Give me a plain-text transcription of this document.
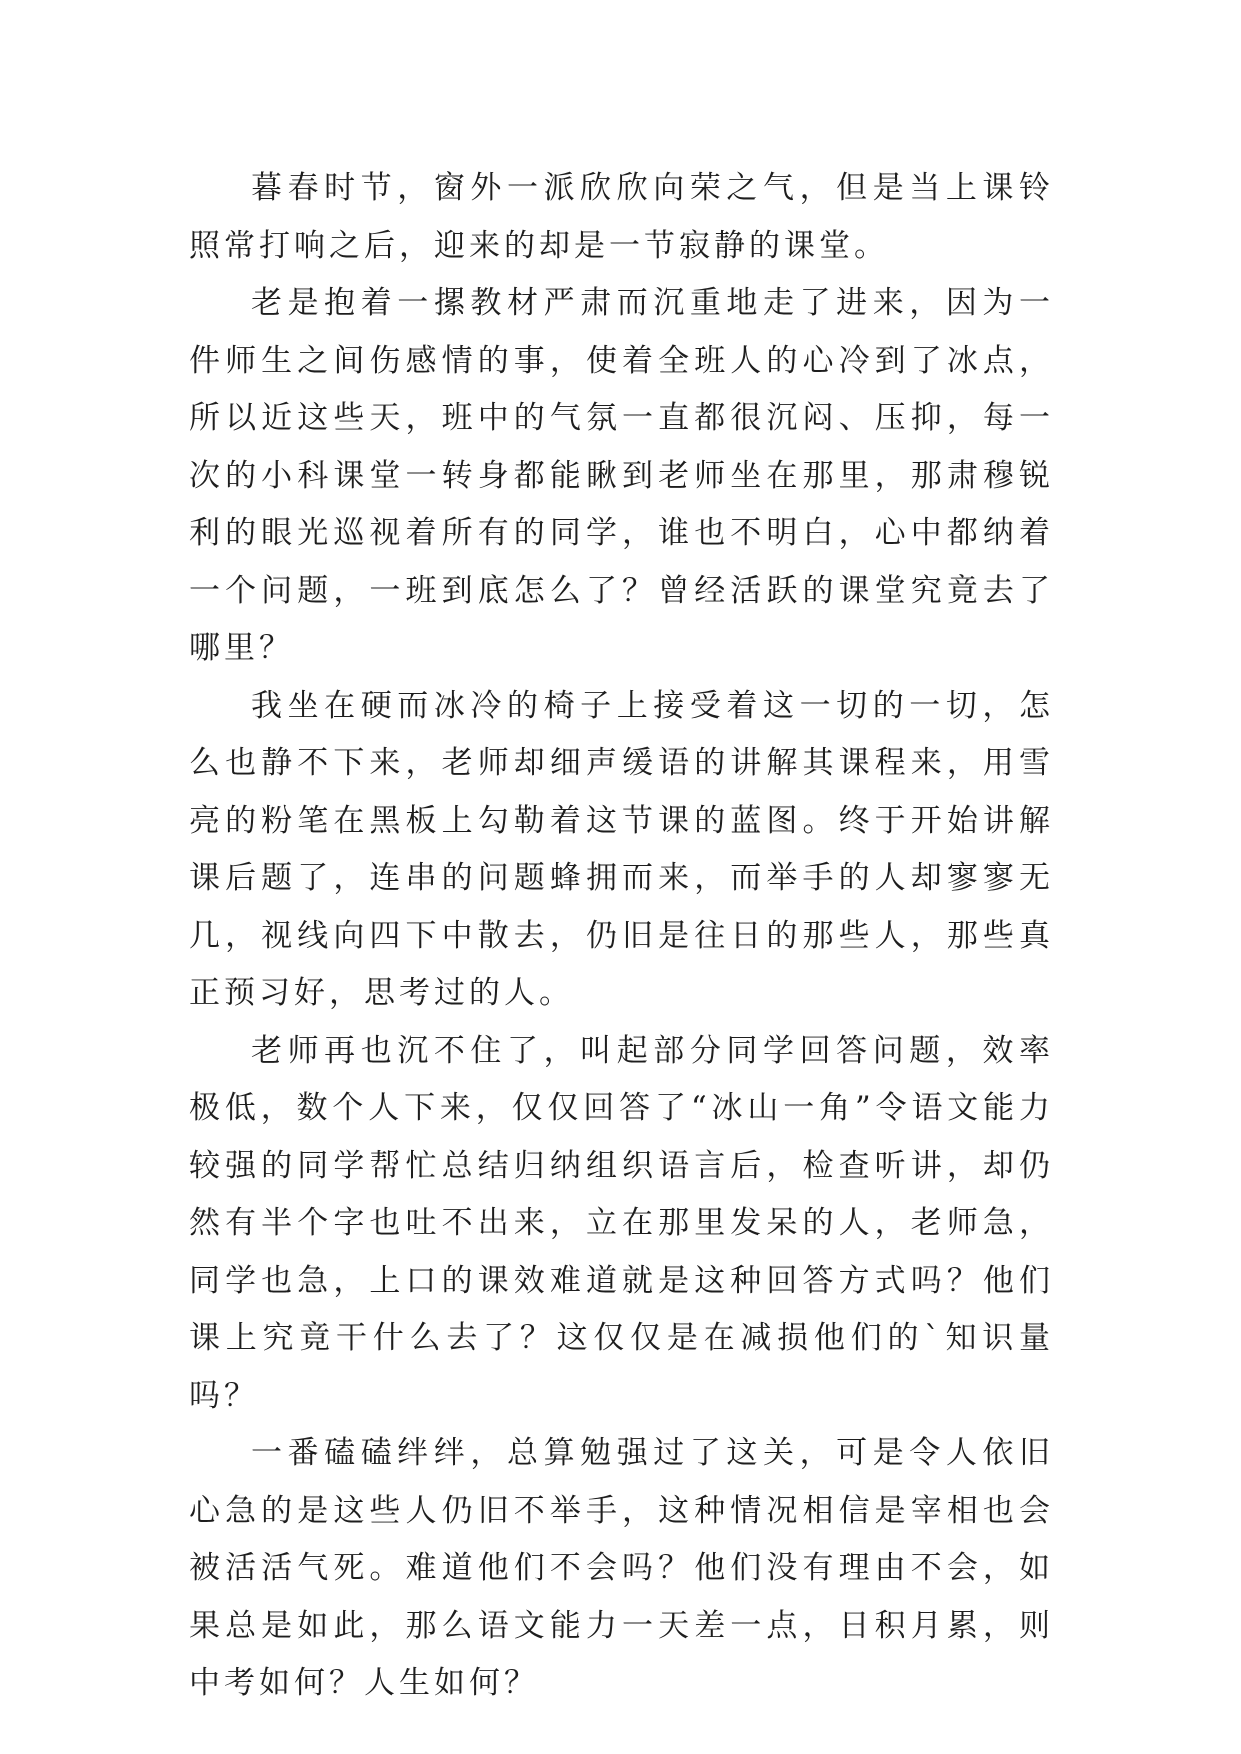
暮春时节，窗外一派欣欣向荣之气，但是当上课铃照常打响之后，迎来的却是一节寂静的课堂。

老是抱着一摞教材严肃而沉重地走了进来，因为一件师生之间伤感情的事，使着全班人的心冷到了冰点，所以近这些天，班中的气氛一直都很沉闷、压抑，每一次的小科课堂一转身都能瞅到老师坐在那里，那肃穆锐利的眼光巡视着所有的同学，谁也不明白，心中都纳着一个问题，一班到底怎么了？曾经活跃的课堂究竟去了哪里？

我坐在硬而冰冷的椅子上接受着这一切的一切，怎么也静不下来，老师却细声缓语的讲解其课程来，用雪亮的粉笔在黑板上勾勒着这节课的蓝图。终于开始讲解课后题了，连串的问题蜂拥而来，而举手的人却寥寥无几，视线向四下中散去，仍旧是往日的那些人，那些真正预习好，思考过的人。

老师再也沉不住了，叫起部分同学回答问题，效率极低，数个人下来，仅仅回答了“冰山一角”令语文能力较强的同学帮忙总结归纳组织语言后，检查听讲，却仍然有半个字也吐不出来，立在那里发呆的人，老师急，同学也急，上口的课效难道就是这种回答方式吗？他们课上究竟干什么去了？这仅仅是在减损他们的`知识量吗？

一番磕磕绊绊，总算勉强过了这关，可是令人依旧心急的是这些人仍旧不举手，这种情况相信是宰相也会被活活气死。难道他们不会吗？他们没有理由不会，如果总是如此，那么语文能力一天差一点，日积月累，则中考如何？人生如何？
